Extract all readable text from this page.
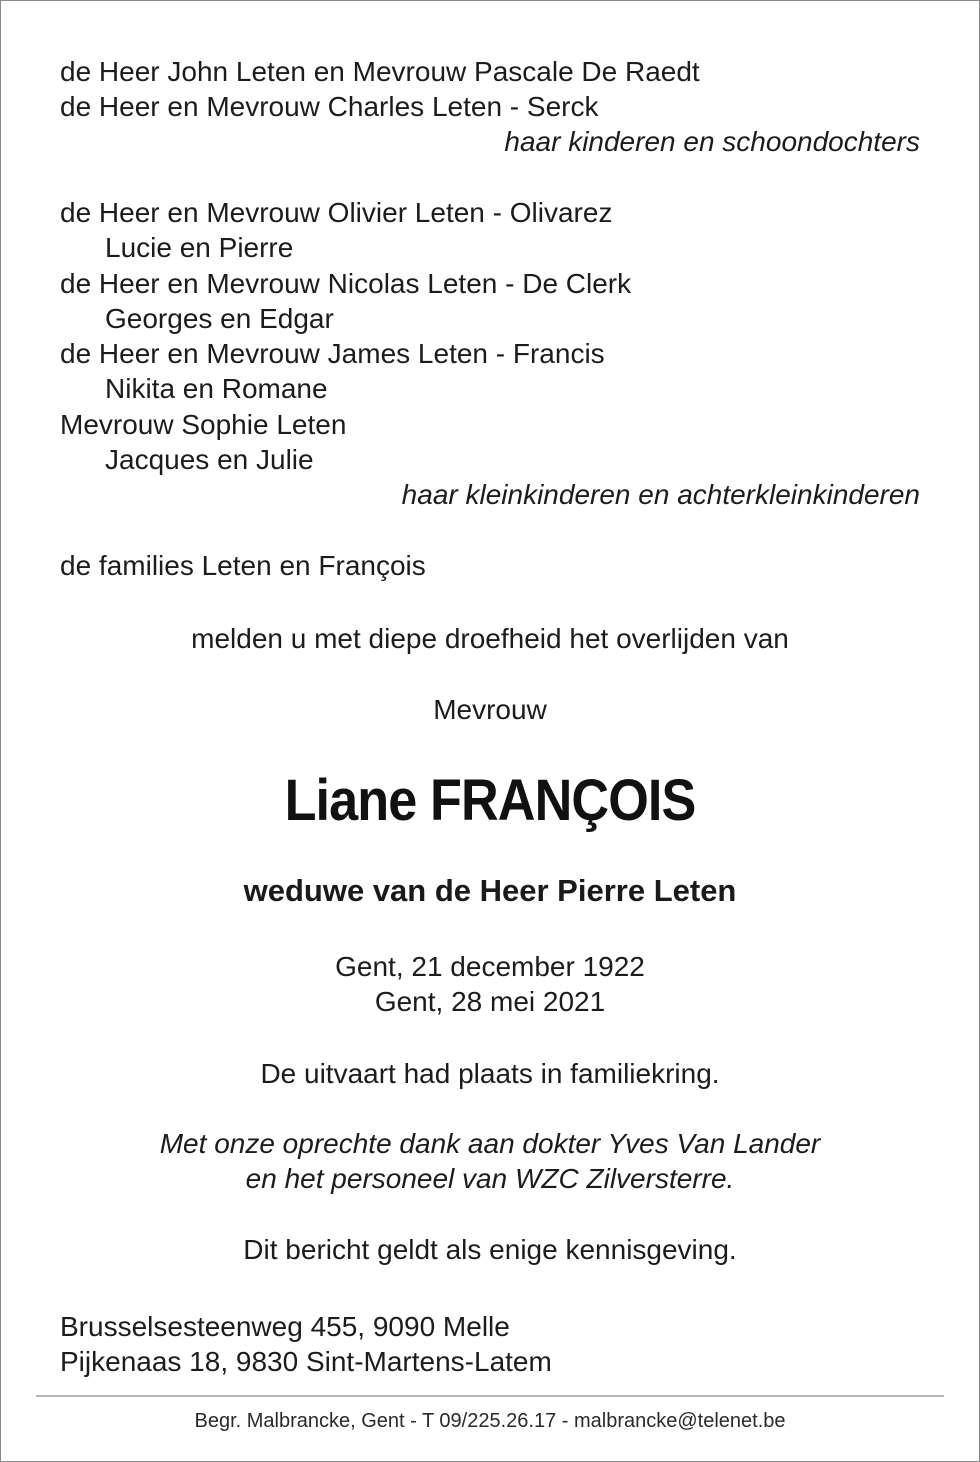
de Heer John Leten en Mevrouw Pascale De Raedt
de Heer en Mevrouw Charles Leten - Serck
haar kinderen en schoondochters
de Heer en Mevrouw Olivier Leten - Olivarez
Lucie en Pierre
de Heer en Mevrouw Nicolas Leten - De Clerk
Georges en Edgar
de Heer en Mevrouw James Leten - Francis
Nikita en Romane
Mevrouw Sophie Leten
Jacques en Julie
haar kleinkinderen en achterkleinkinderen
de families Leten en François
melden u met diepe droefheid het overlijden van
Mevrouw
Liane FRANÇOIS
weduwe van de Heer Pierre Leten
Gent, 21 december 1922
Gent, 28 mei 2021
De uitvaart had plaats in familiekring.
Met onze oprechte dank aan dokter Yves Van Lander
en het personeel van WZC Zilversterre.
Dit bericht geldt als enige kennisgeving.
Brusselsesteenweg 455, 9090 Melle
Pijkenaas 18, 9830 Sint-Martens-Latem
Begr. Malbrancke, Gent - T 09/225.26.17 - malbrancke@telenet.be
